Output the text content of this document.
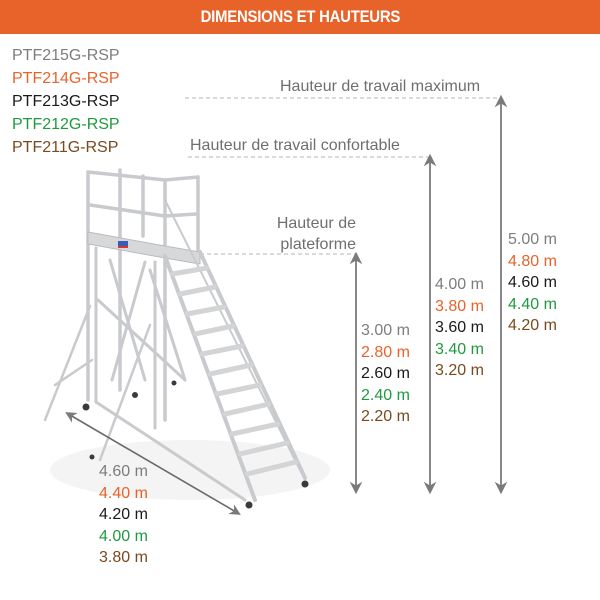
DIMENSIONS ET HAUTEURS
PTF215G-RSP
PTF214G-RSP
PTF213G-RSP
PTF212G-RSP
PTF211G-RSP
Hauteur de travail maximum
Hauteur de travail confortable
Hauteur de
plateforme
3.00 m
2.80 m
2.60 m
2.40 m
2.20 m
4.00 m
3.80 m
3.60 m
3.40 m
3.20 m
5.00 m
4.80 m
4.60 m
4.40 m
4.20 m
4.60 m
4.40 m
4.20 m
4.00 m
3.80 m
